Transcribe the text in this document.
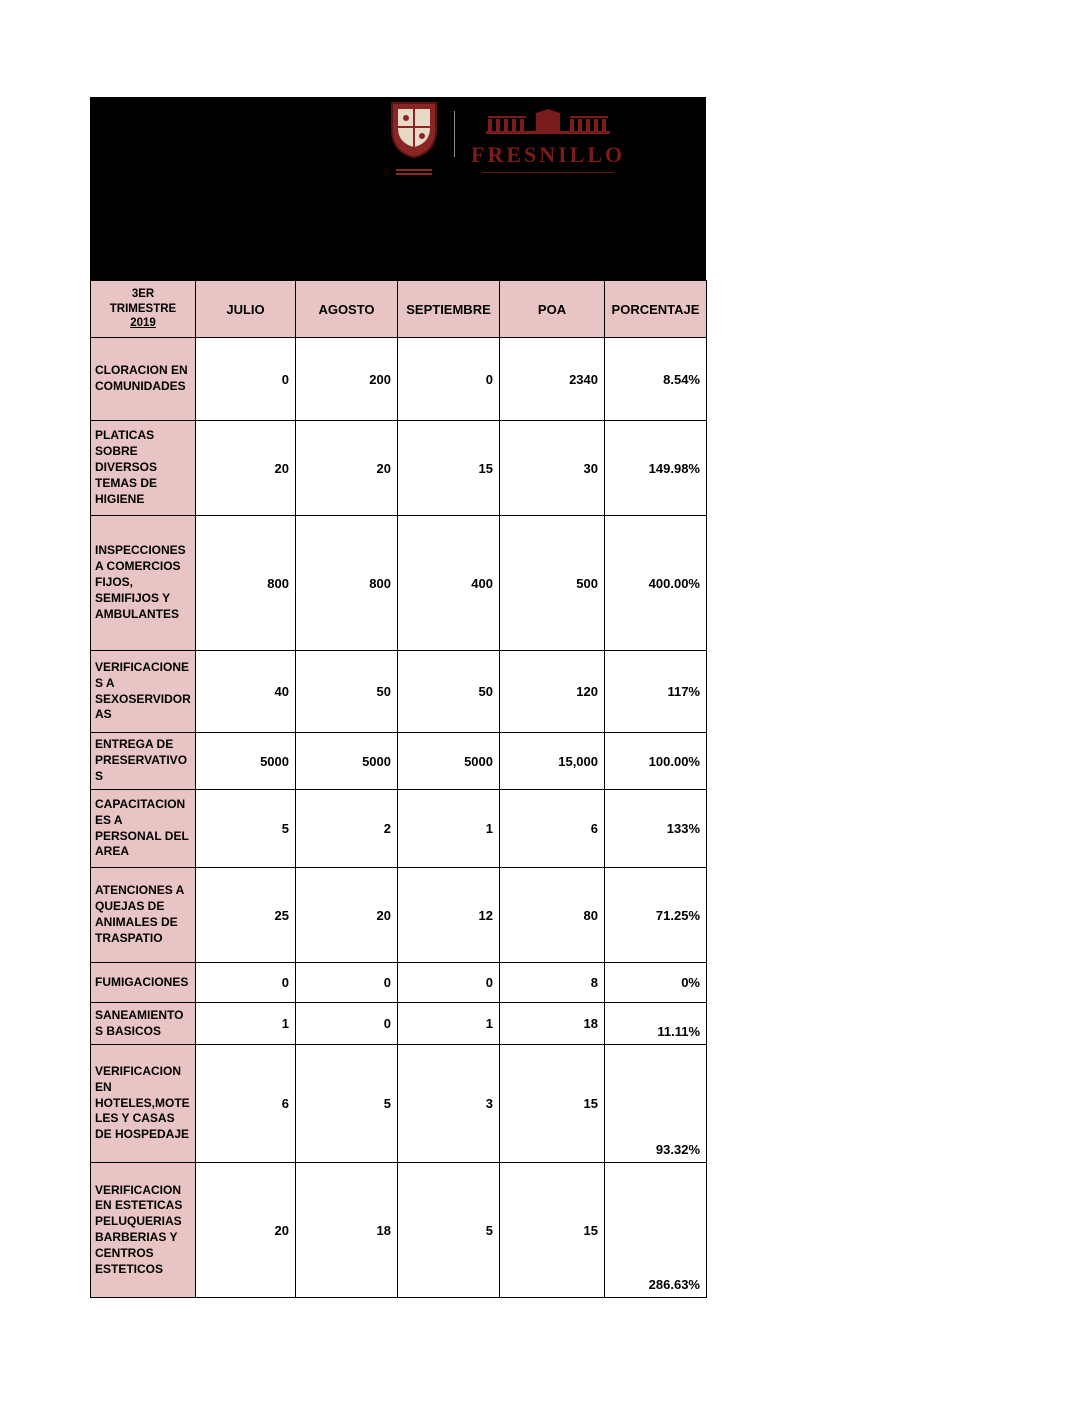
FRESNILLO
3ER
TRIMESTRE
2019	JULIO	AGOSTO	SEPTIEMBRE	POA	PORCENTAJE
CLORACION EN COMUNIDADES	0	200	0	2340	8.54%
PLATICAS SOBRE DIVERSOS TEMAS DE HIGIENE	20	20	15	30	149.98%
INSPECCIONES A COMERCIOS FIJOS, SEMIFIJOS Y AMBULANTES	800	800	400	500	400.00%
VERIFICACIONES A SEXOSERVIDORAS	40	50	50	120	117%
ENTREGA DE PRESERVATIVOS	5000	5000	5000	15,000	100.00%
CAPACITACIONES A PERSONAL DEL AREA	5	2	1	6	133%
ATENCIONES A QUEJAS DE ANIMALES DE TRASPATIO	25	20	12	80	71.25%
FUMIGACIONES	0	0	0	8	0%
SANEAMIENTOS BASICOS	1	0	1	18	11.11%
VERIFICACION EN HOTELES,MOTELES Y CASAS DE HOSPEDAJE	6	5	3	15	93.32%
VERIFICACION EN ESTETICAS PELUQUERIAS BARBERIAS Y CENTROS ESTETICOS	20	18	5	15	286.63%
